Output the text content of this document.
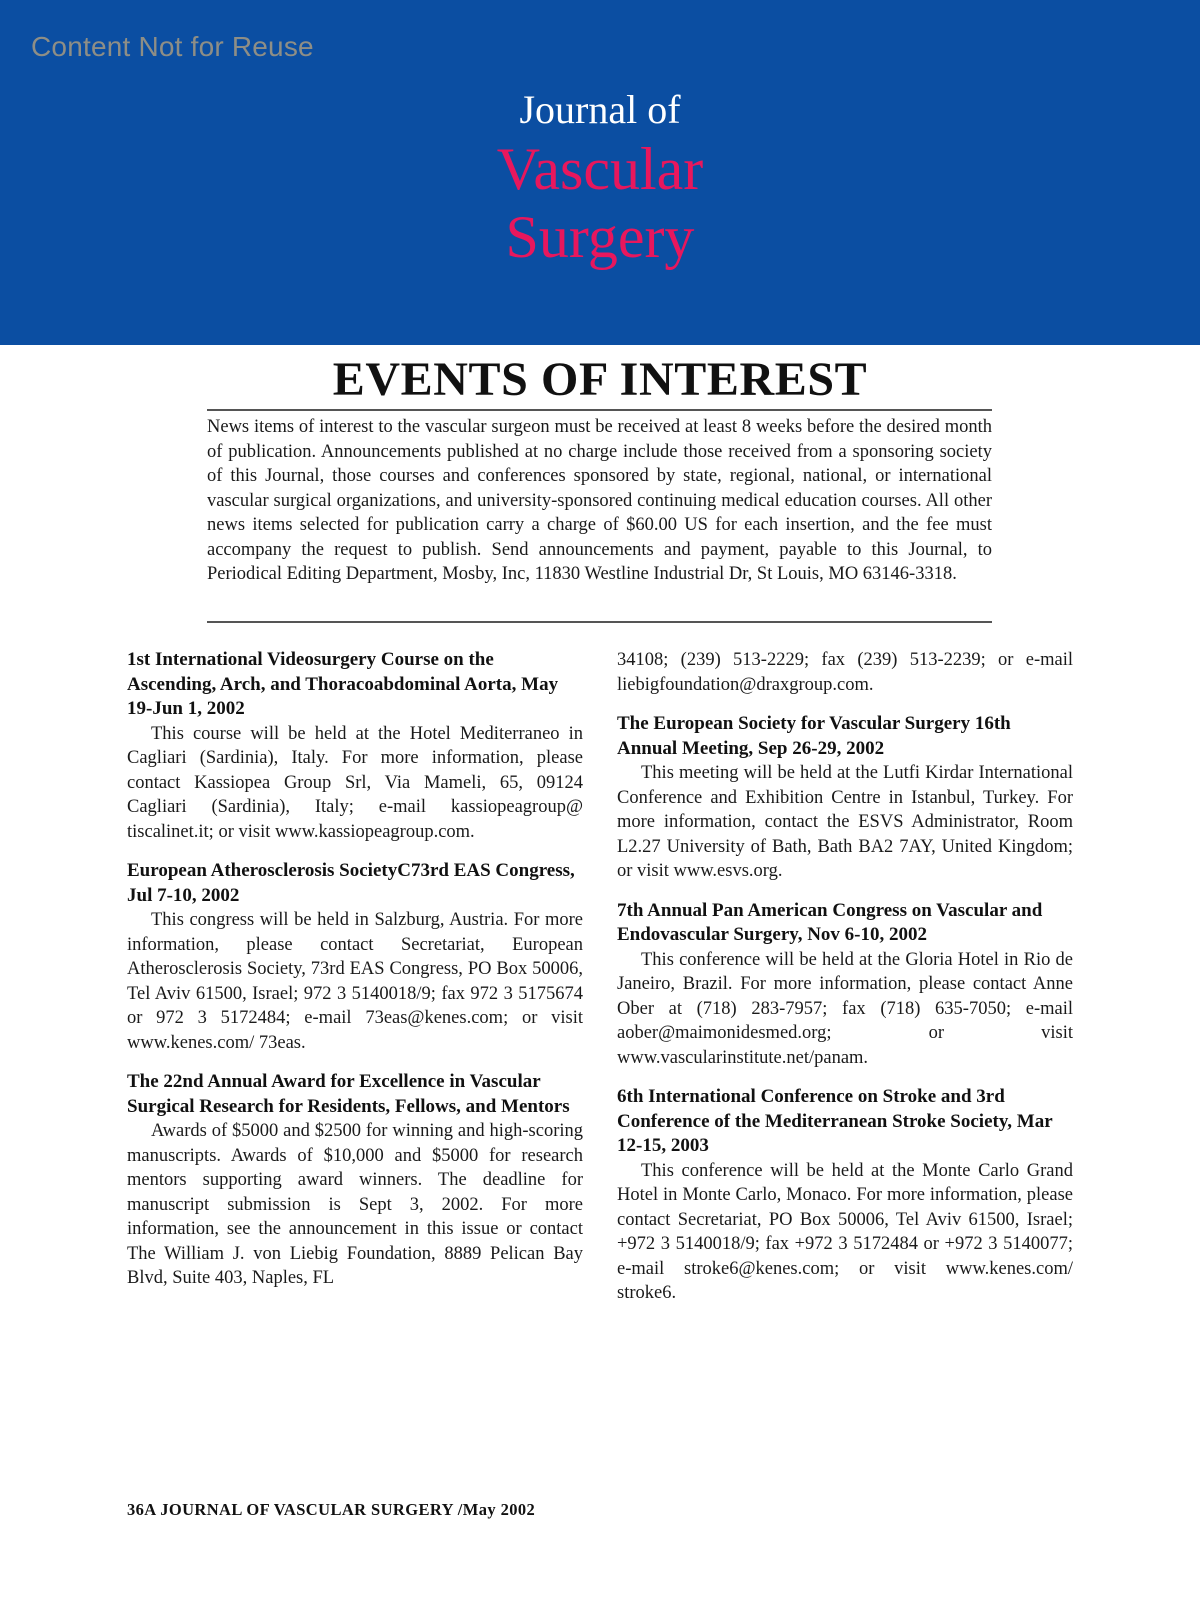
Content Not for Reuse
Journal of
Vascular
Surgery
EVENTS OF INTEREST
News items of interest to the vascular surgeon must be received at least 8 weeks before the desired month of publication. Announcements published at no charge include those received from a sponsoring society of this Journal, those courses and conferences sponsored by state, regional, national, or international vascular surgical organizations, and university-sponsored continuing medical education courses. All other news items selected for publication carry a charge of $60.00 US for each insertion, and the fee must accompany the request to publish. Send announcements and payment, payable to this Journal, to Periodical Editing Department, Mosby, Inc, 11830 Westline Industrial Dr, St Louis, MO 63146-3318.
1st International Videosurgery Course on the Ascending, Arch, and Thoracoabdominal Aorta, May 19-Jun 1, 2002

This course will be held at the Hotel Mediterraneo in Cagliari (Sardinia), Italy. For more information, please contact Kassiopea Group Srl, Via Mameli, 65, 09124 Cagliari (Sardinia), Italy; e-mail kassiopeagroup@ tiscalinet.it; or visit www.kassiopeagroup.com.

European Atherosclerosis SocietyC73rd EAS Congress, Jul 7-10, 2002

This congress will be held in Salzburg, Austria. For more information, please contact Secretariat, European Atherosclerosis Society, 73rd EAS Congress, PO Box 50006, Tel Aviv 61500, Israel; 972 3 5140018/9; fax 972 3 5175674 or 972 3 5172484; e-mail 73eas@kenes.com; or visit www.kenes.com/ 73eas.

The 22nd Annual Award for Excellence in Vascular Surgical Research for Residents, Fellows, and Mentors

Awards of $5000 and $2500 for winning and high-scoring manuscripts. Awards of $10,000 and $5000 for research mentors supporting award winners. The deadline for manuscript submission is Sept 3, 2002. For more information, see the announcement in this issue or contact The William J. von Liebig Foundation, 8889 Pelican Bay Blvd, Suite 403, Naples, FL

34108; (239) 513-2229; fax (239) 513-2239; or e-mail liebigfoundation@draxgroup.com.

The European Society for Vascular Surgery 16th Annual Meeting, Sep 26-29, 2002

This meeting will be held at the Lutfi Kirdar International Conference and Exhibition Centre in Istanbul, Turkey. For more information, contact the ESVS Administrator, Room L2.27 University of Bath, Bath BA2 7AY, United Kingdom; or visit www.esvs.org.

7th Annual Pan American Congress on Vascular and Endovascular Surgery, Nov 6-10, 2002

This conference will be held at the Gloria Hotel in Rio de Janeiro, Brazil. For more information, please contact Anne Ober at (718) 283-7957; fax (718) 635-7050; e-mail aober@maimonidesmed.org; or visit www.vascularinstitute.net/panam.

6th International Conference on Stroke and 3rd Conference of the Mediterranean Stroke Society, Mar 12-15, 2003

This conference will be held at the Monte Carlo Grand Hotel in Monte Carlo, Monaco. For more information, please contact Secretariat, PO Box 50006, Tel Aviv 61500, Israel; +972 3 5140018/9; fax +972 3 5172484 or +972 3 5140077; e-mail stroke6@kenes.com; or visit www.kenes.com/ stroke6.

36A JOURNAL OF VASCULAR SURGERY /May 2002
